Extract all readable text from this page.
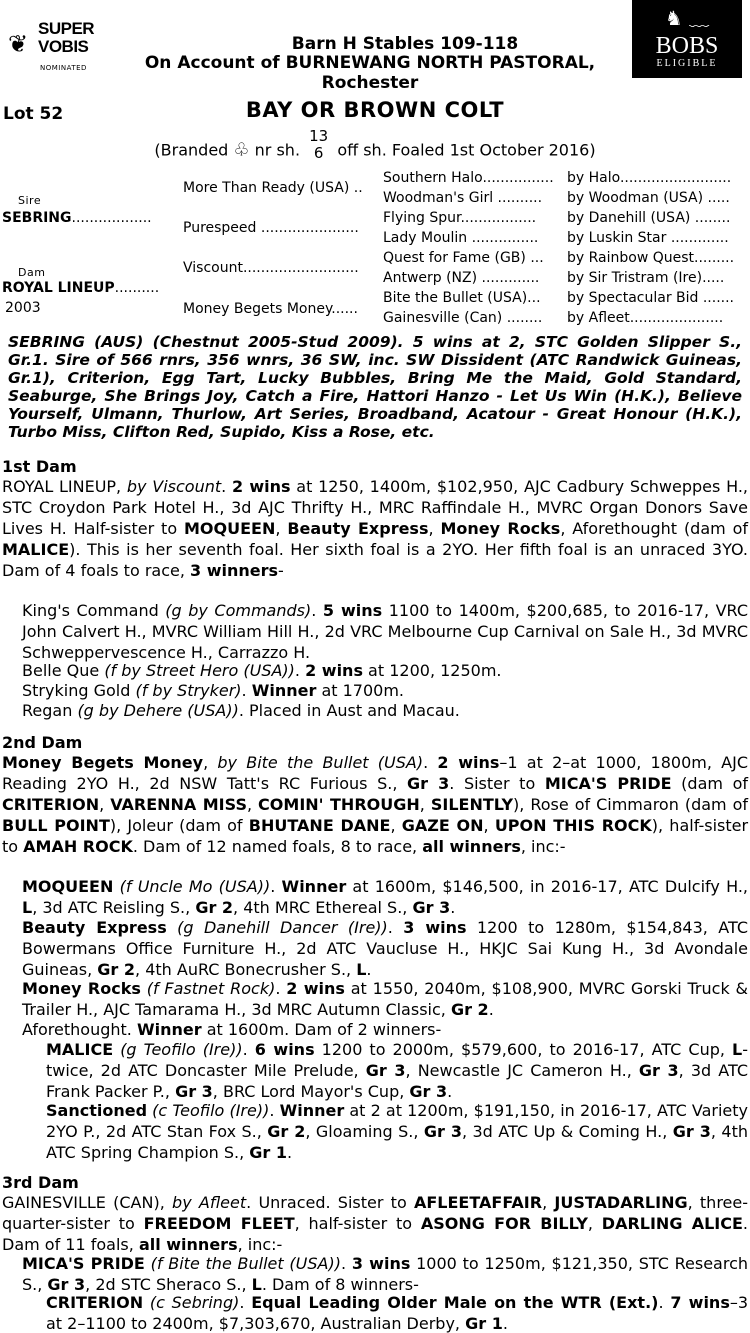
❦
SUPER
VOBIS
NOMINATED
♞ ﹏
BOBS
ELIGIBLE
Barn H Stables 109-118
On Account of BURNEWANG NORTH PASTORAL,
Rochester
Lot 52	BAY OR BROWN COLT
(Branded ♧ nr sh.
13
6 off sh. Foaled 1st October 2016)
Sire
SEBRING..................
Dam
ROYAL LINEUP..........
2003
More Than Ready (USA) ..
Purespeed ......................
Viscount..........................
Money Begets Money......
Southern Halo................
Woodman's Girl ..........
Flying Spur.................
Lady Moulin ...............
Quest for Fame (GB) ...
Antwerp (NZ) .............
Bite the Bullet (USA)...
Gainesville (Can) ........
by Halo.........................
by Woodman (USA) .....
by Danehill (USA) ........
by Luskin Star .............
by Rainbow Quest.........
by Sir Tristram (Ire).....
by Spectacular Bid .......
by Afleet.....................
SEBRING (AUS) (Chestnut 2005-Stud 2009). 5 wins at 2, STC Golden Slipper S., Gr.1. Sire of 566 rnrs, 356 wnrs, 36 SW, inc. SW Dissident (ATC Randwick Guineas, Gr.1), Criterion, Egg Tart, Lucky Bubbles, Bring Me the Maid, Gold Standard, Seaburge, She Brings Joy, Catch a Fire, Hattori Hanzo - Let Us Win (H.K.), Believe Yourself, Ulmann, Thurlow, Art Series, Broadband, Acatour - Great Honour (H.K.), Turbo Miss, Clifton Red, Supido, Kiss a Rose, etc.
1st Dam
ROYAL LINEUP, by Viscount. 2 wins at 1250, 1400m, $102,950, AJC Cadbury Schweppes H., STC Croydon Park Hotel H., 3d AJC Thrifty H., MRC Raffindale H., MVRC Organ Donors Save Lives H. Half-sister to MOQUEEN, Beauty Express, Money Rocks, Aforethought (dam of MALICE). This is her seventh foal. Her sixth foal is a 2YO. Her fifth foal is an unraced 3YO. Dam of 4 foals to race, 3 winners-
King's Command (g by Commands). 5 wins 1100 to 1400m, $200,685, to 2016-17, VRC John Calvert H., MVRC William Hill H., 2d VRC Melbourne Cup Carnival on Sale H., 3d MVRC Schweppervescence H., Carrazzo H.
Belle Que (f by Street Hero (USA)). 2 wins at 1200, 1250m.
Stryking Gold (f by Stryker). Winner at 1700m.
Regan (g by Dehere (USA)). Placed in Aust and Macau.
2nd Dam
Money Begets Money, by Bite the Bullet (USA). 2 wins–1 at 2–at 1000, 1800m, AJC Reading 2YO H., 2d NSW Tatt's RC Furious S., Gr 3. Sister to MICA'S PRIDE (dam of CRITERION, VARENNA MISS, COMIN' THROUGH, SILENTLY), Rose of Cimmaron (dam of BULL POINT), Joleur (dam of BHUTANE DANE, GAZE ON, UPON THIS ROCK), half-sister to AMAH ROCK. Dam of 12 named foals, 8 to race, all winners, inc:-
MOQUEEN (f Uncle Mo (USA)). Winner at 1600m, $146,500, in 2016-17, ATC Dulcify H., L, 3d ATC Reisling S., Gr 2, 4th MRC Ethereal S., Gr 3.
Beauty Express (g Danehill Dancer (Ire)). 3 wins 1200 to 1280m, $154,843, ATC Bowermans Office Furniture H., 2d ATC Vaucluse H., HKJC Sai Kung H., 3d Avondale Guineas, Gr 2, 4th AuRC Bonecrusher S., L.
Money Rocks (f Fastnet Rock). 2 wins at 1550, 2040m, $108,900, MVRC Gorski Truck & Trailer H., AJC Tamarama H., 3d MRC Autumn Classic, Gr 2.
Aforethought. Winner at 1600m. Dam of 2 winners-
MALICE (g Teofilo (Ire)). 6 wins 1200 to 2000m, $579,600, to 2016-17, ATC Cup, L-twice, 2d ATC Doncaster Mile Prelude, Gr 3, Newcastle JC Cameron H., Gr 3, 3d ATC Frank Packer P., Gr 3, BRC Lord Mayor's Cup, Gr 3.
Sanctioned (c Teofilo (Ire)). Winner at 2 at 1200m, $191,150, in 2016-17, ATC Variety 2YO P., 2d ATC Stan Fox S., Gr 2, Gloaming S., Gr 3, 3d ATC Up & Coming H., Gr 3, 4th ATC Spring Champion S., Gr 1.
3rd Dam
GAINESVILLE (CAN), by Afleet. Unraced. Sister to AFLEETAFFAIR, JUSTADARLING, three-quarter-sister to FREEDOM FLEET, half-sister to ASONG FOR BILLY, DARLING ALICE. Dam of 11 foals, all winners, inc:-
MICA'S PRIDE (f Bite the Bullet (USA)). 3 wins 1000 to 1250m, $121,350, STC Research S., Gr 3, 2d STC Sheraco S., L. Dam of 8 winners-
CRITERION (c Sebring). Equal Leading Older Male on the WTR (Ext.). 7 wins–3 at 2–1100 to 2400m, $7,303,670, Australian Derby, Gr 1.
